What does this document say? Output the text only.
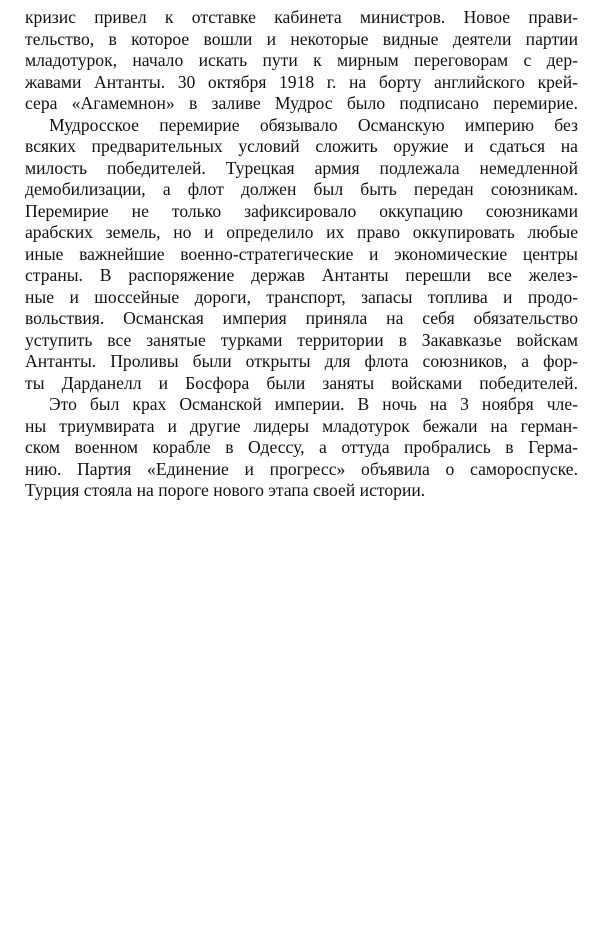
кризис привел к отставке кабинета министров. Новое прави-
тельство, в которое вошли и некоторые видные деятели партии
младотурок, начало искать пути к мирным переговорам с дер-
жавами Антанты. 30 октября 1918 г. на борту английского крей-
сера «Агамемнон» в заливе Мудрос было подписано перемирие.

Мудросское перемирие обязывало Османскую империю без
всяких предварительных условий сложить оружие и сдаться на
милость победителей. Турецкая армия подлежала немедленной
демобилизации, а флот должен был быть передан союзникам.
Перемирие не только зафиксировало оккупацию союзниками
арабских земель, но и определило их право оккупировать любые
иные важнейшие военно-стратегические и экономические центры
страны. В распоряжение держав Антанты перешли все желез-
ные и шоссейные дороги, транспорт, запасы топлива и продо-
вольствия. Османская империя приняла на себя обязательство
уступить все занятые турками территории в Закавказье войскам
Антанты. Проливы были открыты для флота союзников, а фор-
ты Дарданелл и Босфора были заняты войсками победителей.

Это был крах Османской империи. В ночь на 3 ноября чле-
ны триумвирата и другие лидеры младотурок бежали на герман-
ском военном корабле в Одессу, а оттуда пробрались в Герма-
нию. Партия «Единение и прогресс» объявила о самороспуске.
Турция стояла на пороге нового этапа своей истории.
